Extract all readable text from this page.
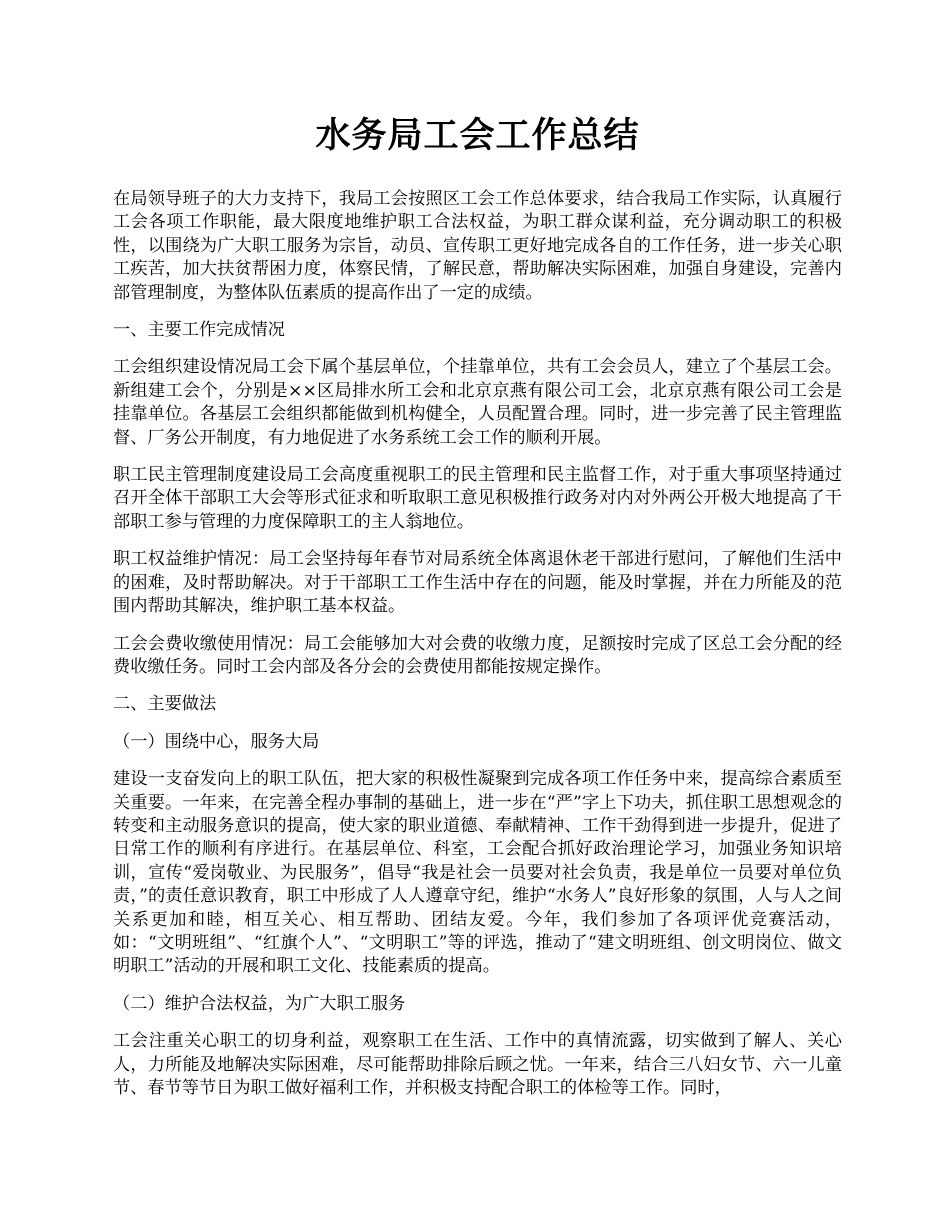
水务局工会工作总结

在局领导班子的大力支持下，我局工会按照区工会工作总体要求，结合我局工作实际，认真履行工会各项工作职能，最大限度地维护职工合法权益，为职工群众谋利益，充分调动职工的积极性，以围绕为广大职工服务为宗旨，动员、宣传职工更好地完成各自的工作任务，进一步关心职工疾苦，加大扶贫帮困力度，体察民情，了解民意，帮助解决实际困难，加强自身建设，完善内部管理制度，为整体队伍素质的提高作出了一定的成绩。

一、主要工作完成情况

工会组织建设情况局工会下属个基层单位，个挂靠单位，共有工会会员人，建立了个基层工会。新组建工会个，分别是××区局排水所工会和北京京燕有限公司工会，北京京燕有限公司工会是挂靠单位。各基层工会组织都能做到机构健全，人员配置合理。同时，进一步完善了民主管理监督、厂务公开制度，有力地促进了水务系统工会工作的顺利开展。

职工民主管理制度建设局工会高度重视职工的民主管理和民主监督工作，对于重大事项坚持通过召开全体干部职工大会等形式征求和听取职工意见积极推行政务对内对外两公开极大地提高了干部职工参与管理的力度保障职工的主人翁地位。

职工权益维护情况：局工会坚持每年春节对局系统全体离退休老干部进行慰问，了解他们生活中的困难，及时帮助解决。对于干部职工工作生活中存在的问题，能及时掌握，并在力所能及的范围内帮助其解决，维护职工基本权益。

工会会费收缴使用情况：局工会能够加大对会费的收缴力度，足额按时完成了区总工会分配的经费收缴任务。同时工会内部及各分会的会费使用都能按规定操作。

二、主要做法

（一）围绕中心，服务大局

建设一支奋发向上的职工队伍，把大家的积极性凝聚到完成各项工作任务中来，提高综合素质至关重要。一年来，在完善全程办事制的基础上，进一步在“严”字上下功夫，抓住职工思想观念的转变和主动服务意识的提高，使大家的职业道德、奉献精神、工作干劲得到进一步提升，促进了日常工作的顺利有序进行。在基层单位、科室，工会配合抓好政治理论学习，加强业务知识培训，宣传“爱岗敬业、为民服务”，倡导“我是社会一员要对社会负责，我是单位一员要对单位负责，”的责任意识教育，职工中形成了人人遵章守纪，维护“水务人”良好形象的氛围，人与人之间关系更加和睦，相互关心、相互帮助、团结友爱。今年，我们参加了各项评优竞赛活动，如：“文明班组”、“红旗个人”、“文明职工”等的评选，推动了“建文明班组、创文明岗位、做文明职工”活动的开展和职工文化、技能素质的提高。

（二）维护合法权益，为广大职工服务

工会注重关心职工的切身利益，观察职工在生活、工作中的真情流露，切实做到了解人、关心人，力所能及地解决实际困难，尽可能帮助排除后顾之忧。一年来，结合三八妇女节、六一儿童节、春节等节日为职工做好福利工作，并积极支持配合职工的体检等工作。同时，
